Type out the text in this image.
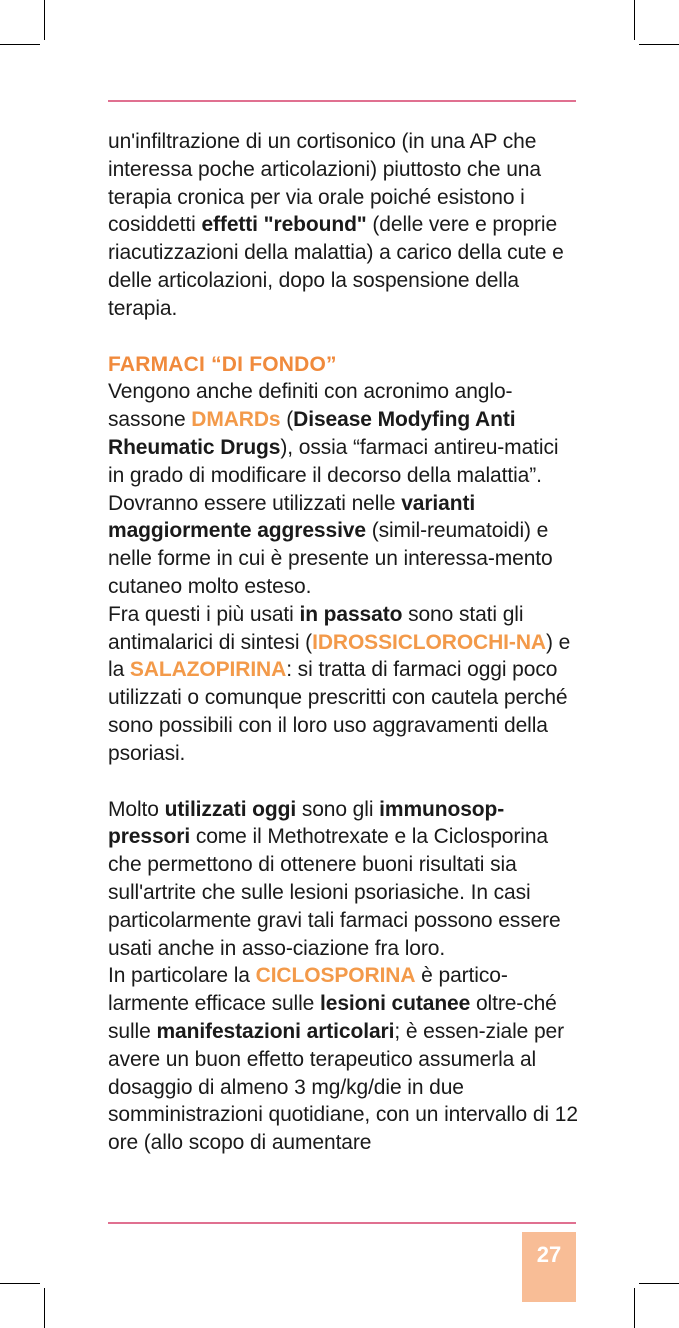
un'infiltrazione di un cortisonico (in una AP che interessa poche articolazioni) piuttosto che una terapia cronica per via orale poiché esistono i cosiddetti effetti "rebound" (delle vere e proprie riacutizzazioni della malattia) a carico della cute e delle articolazioni, dopo la sospensione della terapia.

FARMACI “DI FONDO”

Vengono anche definiti con acronimo anglo-sassone DMARDs (Disease Modyfing Anti Rheumatic Drugs), ossia “farmaci antireu-matici in grado di modificare il decorso della malattia”.

Dovranno essere utilizzati nelle varianti maggiormente aggressive (simil-reumatoidi) e nelle forme in cui è presente un interessa-mento cutaneo molto esteso.

Fra questi i più usati in passato sono stati gli antimalarici di sintesi (IDROSSICLOROCHI-NA) e la SALAZOPIRINA: si tratta di farmaci oggi poco utilizzati o comunque prescritti con cautela perché sono possibili con il loro uso aggravamenti della psoriasi.

Molto utilizzati oggi sono gli immunosop-pressori come il Methotrexate e la Ciclosporina che permettono di ottenere buoni risultati sia sull'artrite che sulle lesioni psoriasiche. In casi particolarmente gravi tali farmaci possono essere usati anche in asso-ciazione fra loro.

In particolare la CICLOSPORINA è partico-larmente efficace sulle lesioni cutanee oltre-ché sulle manifestazioni articolari; è essen-ziale per avere un buon effetto terapeutico assumerla al dosaggio di almeno 3 mg/kg/die in due somministrazioni quotidiane, con un intervallo di 12 ore (allo scopo di aumentare

27
